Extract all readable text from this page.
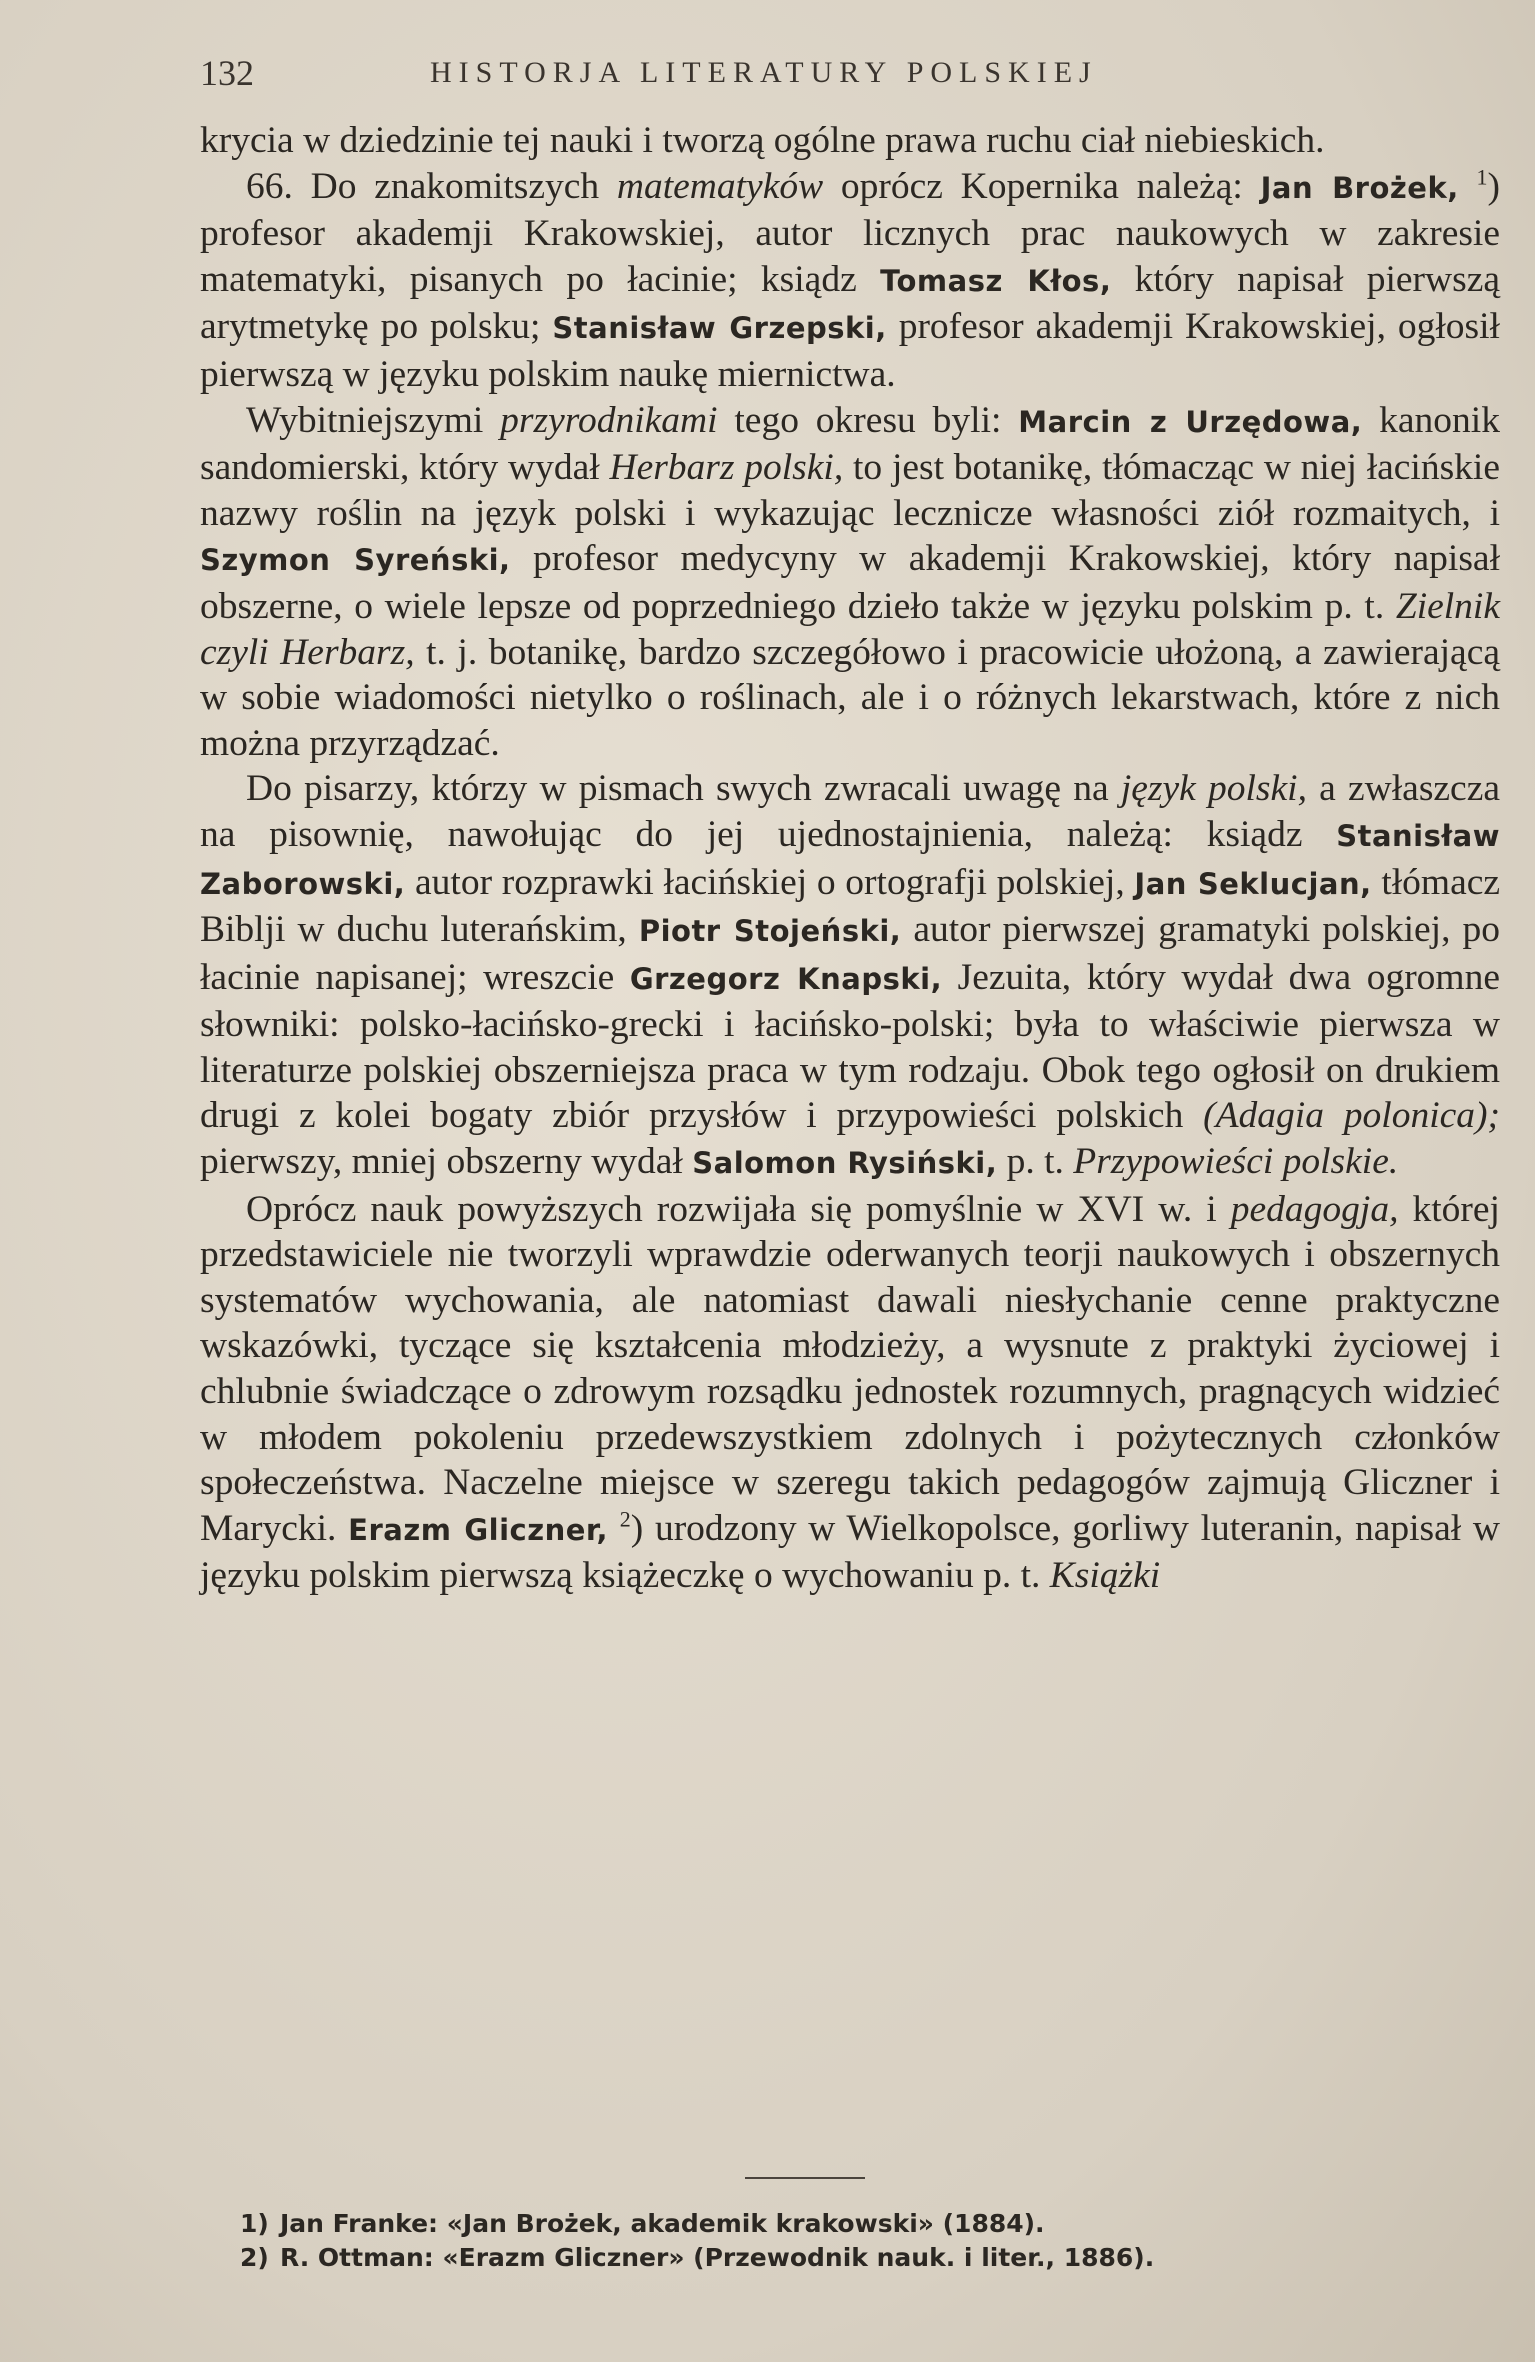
132	HISTORJA LITERATURY POLSKIEJ

krycia w dziedzinie tej nauki i tworzą ogólne prawa ruchu ciał niebieskich.

66. Do znakomitszych matematyków oprócz Kopernika należą: Jan Brożek, $^1$) profesor akademji Krakowskiej, autor licznych prac naukowych w zakresie matematyki, pisanych po łacinie; ksiądz Tomasz Kłos, który napisał pierwszą arytmetykę po polsku; Stanisław Grzepski, profesor akademji Krakowskiej, ogłosił pierwszą w języku polskim naukę miernictwa.

Wybitniejszymi przyrodnikami tego okresu byli: Marcin z Urzędowa, kanonik sandomierski, który wydał Herbarz polski, to jest botanikę, tłómacząc w niej łacińskie nazwy roślin na język polski i wykazując lecznicze własności ziół rozmaitych, i Szymon Syreński, profesor medycyny w akademji Krakowskiej, który napisał obszerne, o wiele lepsze od poprzedniego dzieło także w języku polskim p. t. Zielnik czyli Herbarz, t. j. botanikę, bardzo szczegółowo i pracowicie ułożoną, a zawierającą w sobie wiadomości nietylko o roślinach, ale i o różnych lekarstwach, które z nich można przyrządzać.

Do pisarzy, którzy w pismach swych zwracali uwagę na język polski, a zwłaszcza na pisownię, nawołując do jej ujednostajnienia, należą: ksiądz Stanisław Zaborowski, autor rozprawki łacińskiej o ortografji polskiej, Jan Seklucjan, tłómacz Biblji w duchu luterańskim, Piotr Stojeński, autor pierwszej gramatyki polskiej, po łacinie napisanej; wreszcie Grzegorz Knapski, Jezuita, który wydał dwa ogromne słowniki: polsko-łacińsko-grecki i łacińsko-polski; była to właściwie pierwsza w literaturze polskiej obszerniejsza praca w tym rodzaju. Obok tego ogłosił on drukiem drugi z kolei bogaty zbiór przysłów i przypowieści polskich (Adagia polonica); pierwszy, mniej obszerny wydał Salomon Rysiński, p. t. Przypowieści polskie.

Oprócz nauk powyższych rozwijała się pomyślnie w XVI w. i pedagogja, której przedstawiciele nie tworzyli wprawdzie oderwanych teorji naukowych i obszernych systematów wychowania, ale natomiast dawali niesłychanie cenne praktyczne wskazówki, tyczące się kształcenia młodzieży, a wysnute z praktyki życiowej i chlubnie świadczące o zdrowym rozsądku jednostek rozumnych, pragnących widzieć w młodem pokoleniu przedewszystkiem zdolnych i pożytecznych członków społeczeństwa. Naczelne miejsce w szeregu takich pedagogów zajmują Gliczner i Marycki. Erazm Gliczner, $^2$) urodzony w Wielkopolsce, gorliwy luteranin, napisał w języku polskim pierwszą książeczkę o wychowaniu p. t. Książki

1) Jan Franke: «Jan Brożek, akademik krakowski» (1884).
2) R. Ottman: «Erazm Gliczner» (Przewodnik nauk. i liter., 1886).
